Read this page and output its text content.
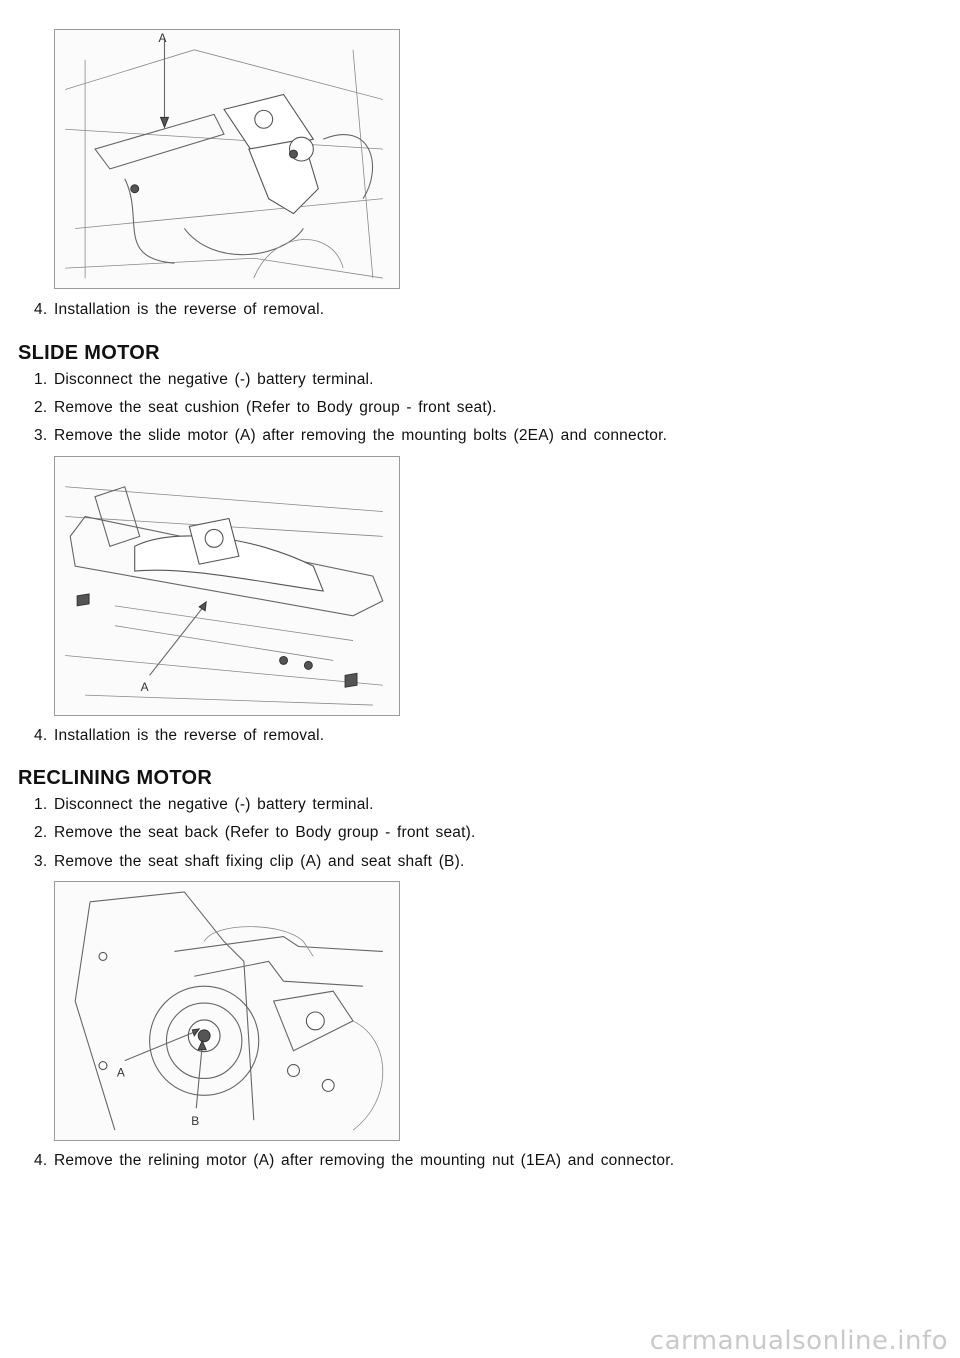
A
4. Installation is the reverse of removal.
SLIDE MOTOR
1. Disconnect the negative (-) battery terminal.
2. Remove the seat cushion (Refer to Body group - front seat).
3. Remove the slide motor (A) after removing the mounting bolts (2EA) and connector.
A
4. Installation is the reverse of removal.
RECLINING MOTOR
1. Disconnect the negative (-) battery terminal.
2. Remove the seat back (Refer to Body group - front seat).
3. Remove the seat shaft fixing clip (A) and seat shaft (B).
A
B
4. Remove the relining motor (A) after removing the mounting nut (1EA) and connector.
carmanualsonline.info
